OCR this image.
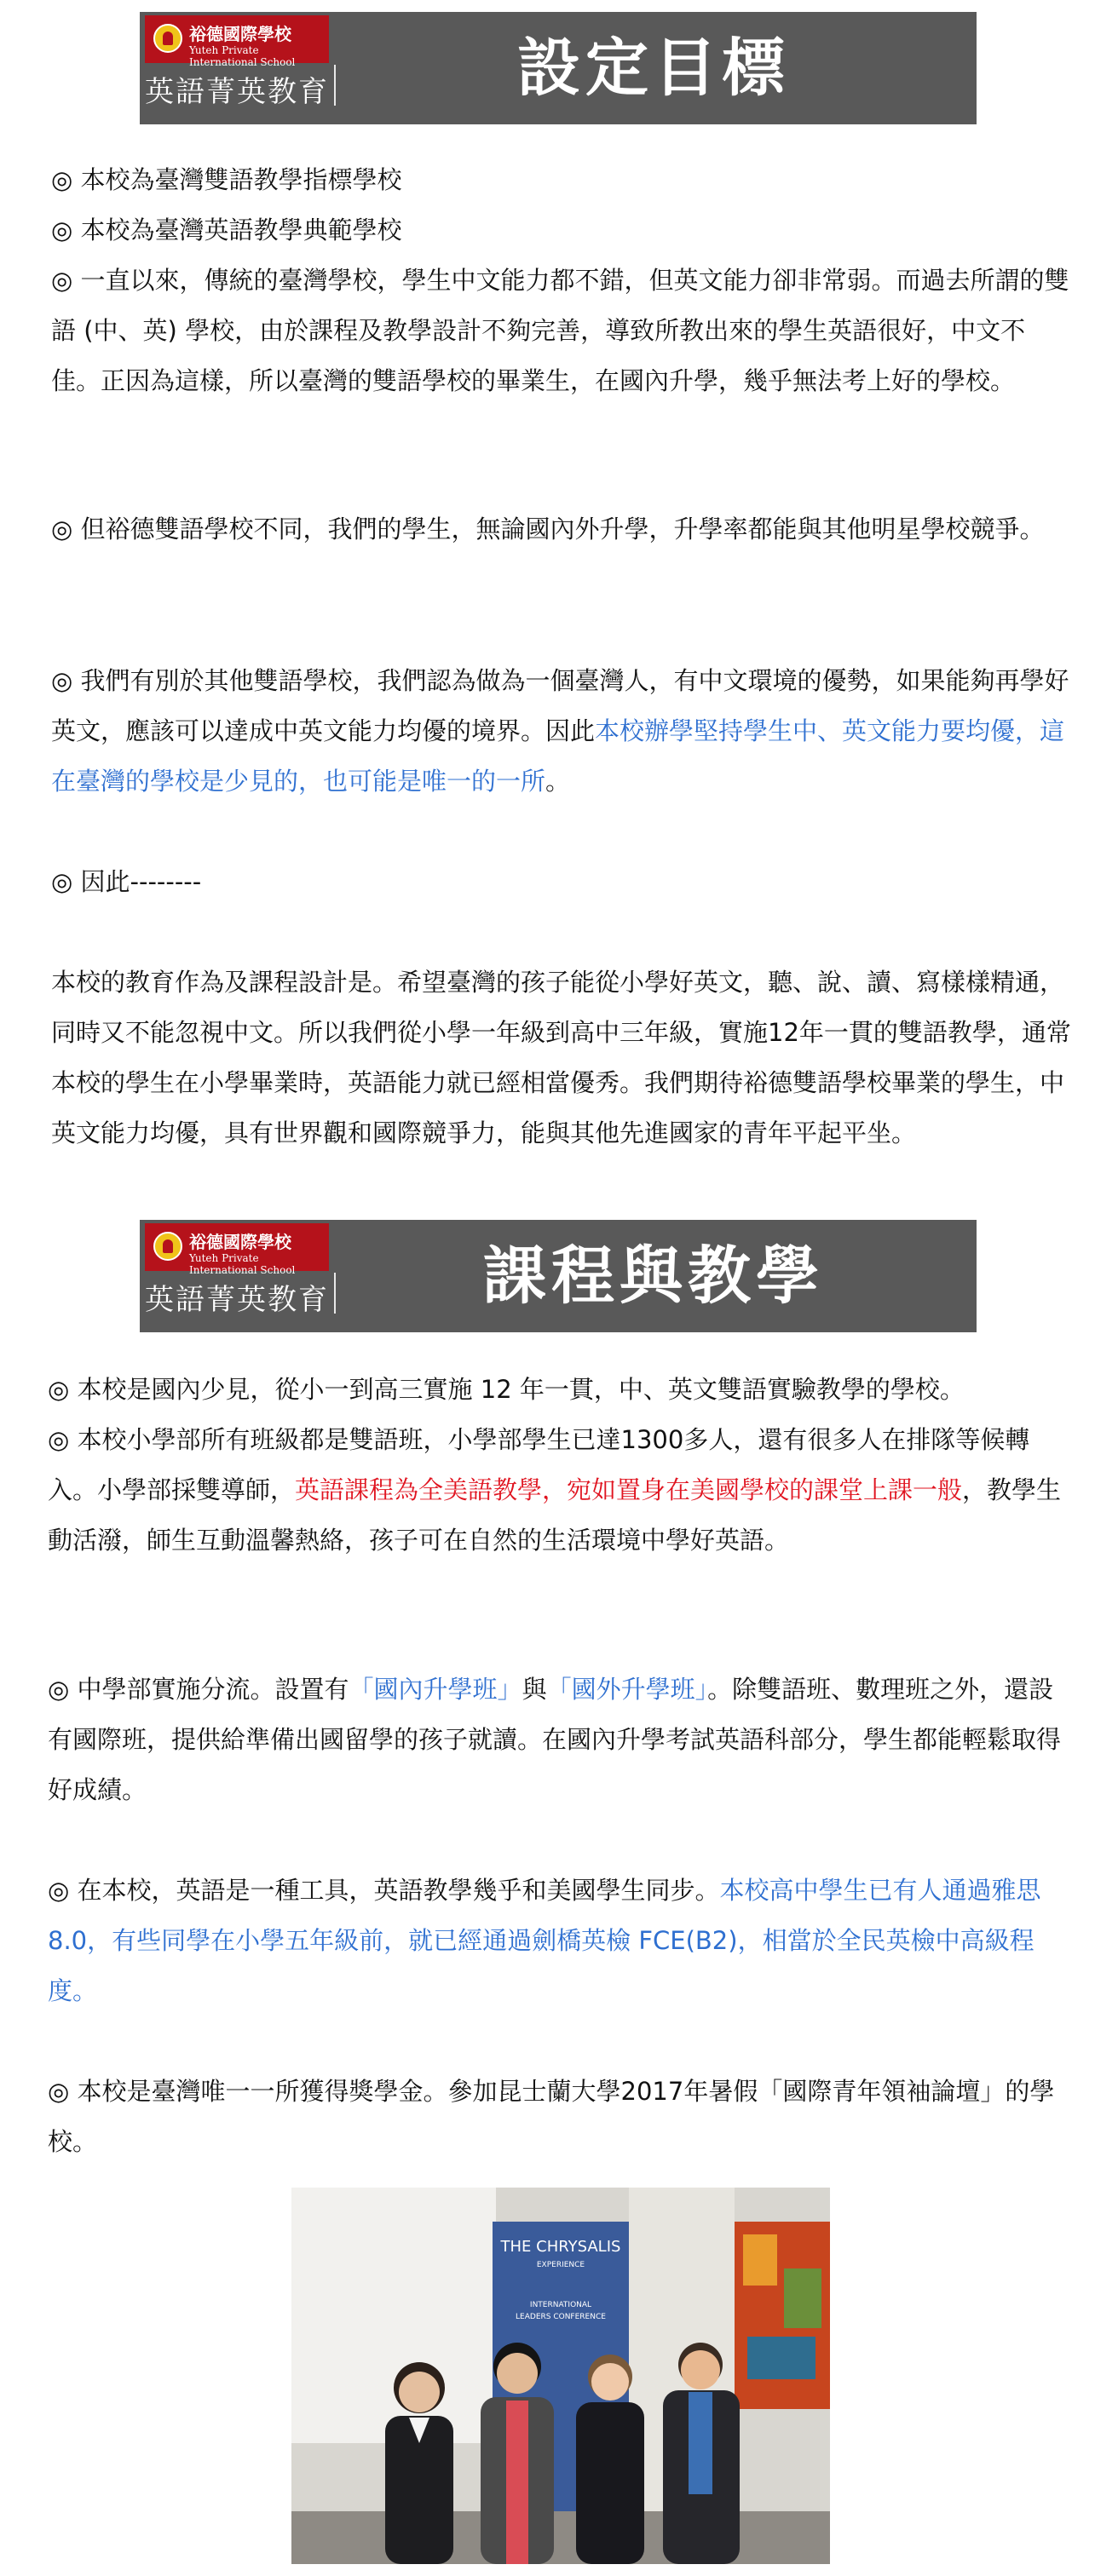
裕德國際學校
Yuteh Private International School
英語菁英教育	設定目標

◎ 本校為臺灣雙語教學指標學校

◎ 本校為臺灣英語教學典範學校

◎ 一直以來，傳統的臺灣學校，學生中文能力都不錯，但英文能力卻非常弱。而過去所謂的雙語 (中、英) 學校，由於課程及教學設計不夠完善，導致所教出來的學生英語很好，中文不佳。正因為這樣，所以臺灣的雙語學校的畢業生，在國內升學，幾乎無法考上好的學校。

◎ 但裕德雙語學校不同，我們的學生，無論國內外升學，升學率都能與其他明星學校競爭。
◎ 我們有別於其他雙語學校，我們認為做為一個臺灣人，有中文環境的優勢，如果能夠再學好英文，應該可以達成中英文能力均優的境界。因此本校辦學堅持學生中、英文能力要均優，這在臺灣的學校是少見的，也可能是唯一的一所。
◎ 因此--------
本校的教育作為及課程設計是。希望臺灣的孩子能從小學好英文，聽、說、讀、寫樣樣精通，同時又不能忽視中文。所以我們從小學一年級到高中三年級，實施12年一貫的雙語教學，通常本校的學生在小學畢業時，英語能力就已經相當優秀。我們期待裕德雙語學校畢業的學生，中英文能力均優，具有世界觀和國際競爭力，能與其他先進國家的青年平起平坐。
裕德國際學校
Yuteh Private International School
英語菁英教育	課程與教學

◎ 本校是國內少見，從小一到高三實施 12 年一貫，中、英文雙語實驗教學的學校。

◎ 本校小學部所有班級都是雙語班，小學部學生已達1300多人，還有很多人在排隊等候轉入。小學部採雙導師，英語課程為全美語教學，宛如置身在美國學校的課堂上課一般，教學生動活潑，師生互動溫馨熱絡，孩子可在自然的生活環境中學好英語。

◎ 中學部實施分流。設置有「國內升學班」與「國外升學班」。除雙語班、數理班之外，還設有國際班，提供給準備出國留學的孩子就讀。在國內升學考試英語科部分，學生都能輕鬆取得好成績。
◎ 在本校，英語是一種工具，英語教學幾乎和美國學生同步。本校高中學生已有人通過雅思 8.0，有些同學在小學五年級前，就已經通過劍橋英檢 FCE(B2)，相當於全民英檢中高級程度。
◎ 本校是臺灣唯一一所獲得獎學金。參加昆士蘭大學2017年暑假「國際青年領袖論壇」的學校。
THE CHRYSALIS
EXPERIENCE
INTERNATIONAL
LEADERS CONFERENCE
